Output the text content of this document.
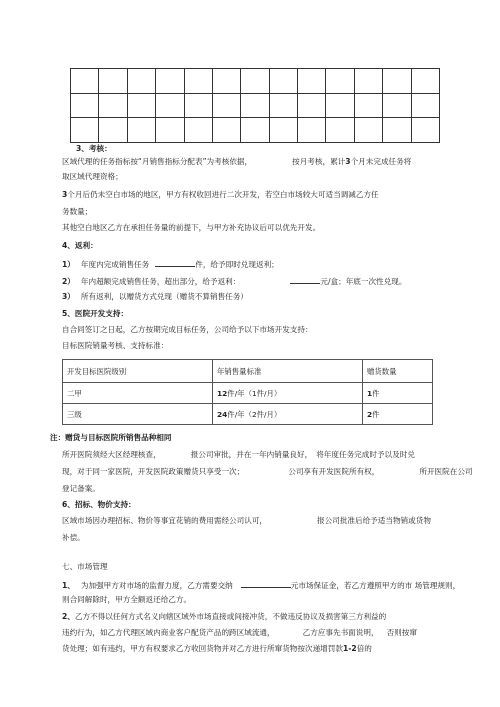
3、考核：
区域代理的任务指标按“月销售指标分配表”为考核依据，	按月考核，累计3个月未完成任务将
取区域代理资格；
3个月后仍未空白市场的地区，甲方有权收回进行二次开发，若空白市场较大可适当调减乙方任
务数量；
其他空白地区乙方在承担任务量的前提下，与甲方补充协议后可以优先开发。
4、返利：
1） 年度内完成销售任务	件，给予即时兑现返利；
2） 年内超额完成销售任务，超出部分，给予返利：	元/盒；年底一次性兑现。
3） 所有返利，以赠货方式兑现（赠货不算销售任务）
5、医院开发支持：
自合同签订之日起，乙方按期完成目标任务，公司给予以下市场开发支持：
目标医院销量考核、支持标准：
开发目标医院级别	年销售量标准	赠货数量
二甲	12件/年（1件/月）	1件
三级	24件/年（2件/月）	2件
注：赠货与目标医院所销售品种相同
所开医院须经大区经理核查，	报公司审批，并在一年内销量良好， 将年度任务完成时予以及时兑
现，对于同一家医院，开发医院政策赠货只享受一次；	公司享有开发医院所有权，	所开医院在公司
登记备案。
6、招标、物价支持：
区域市场因办理招标、物价等事宜花销的费用需经公司认可，	报公司批准后给予适当物销或货物
补偿。
七、市场管理
1、 为加强甲方对市场的监督力度，乙方需要交纳	元市场保证金，若乙方遵照甲方的市 场管理规则，
则合同解除时，甲方全额返还给乙方。
2、乙方不得以任何方式名义向辖区域外市场直接或间接冲货，不做违反协议及损害第三方利益的
违约行为，如乙方代理区域内商业客户配货产品的跨区域流通，	乙方应事先书面说明， 否则按窜
货处理；如有违约，甲方有权要求乙方收回货物并对乙方进行所窜货物按次递增罚款1-2倍的
